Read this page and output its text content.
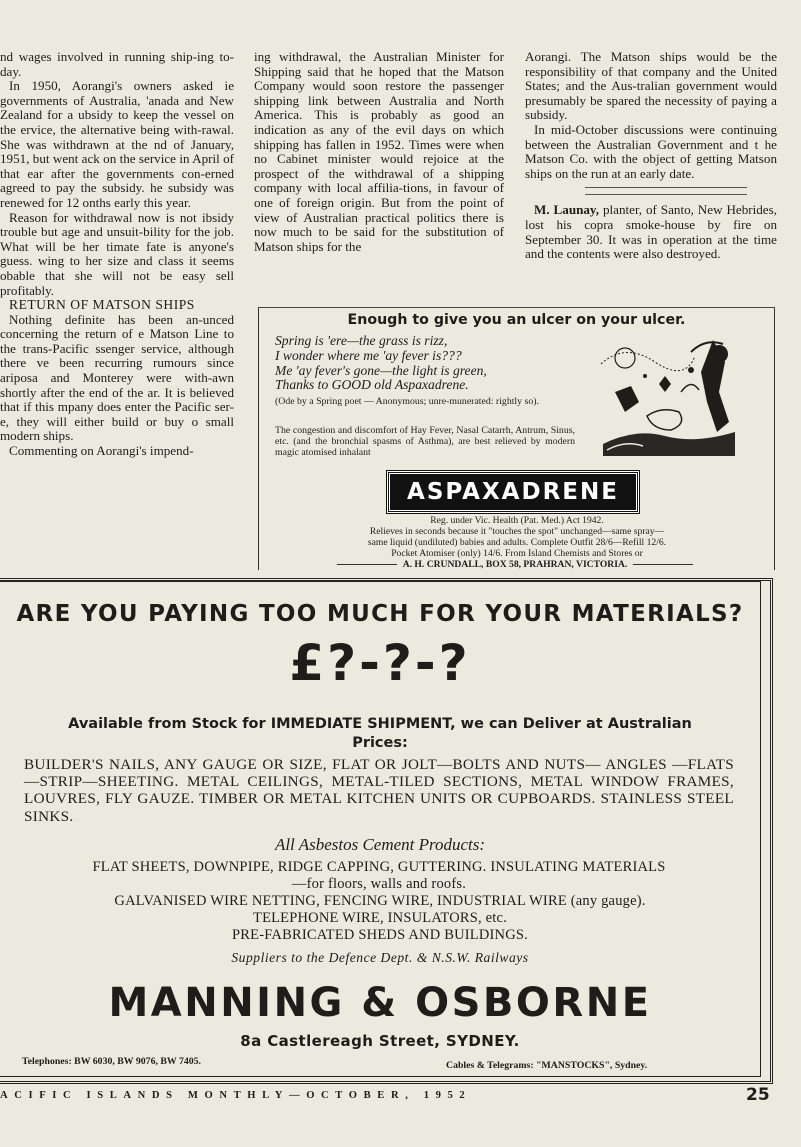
nd wages involved in running ship-ing to-day.

In 1950, Aorangi's owners asked ie governments of Australia, 'anada and New Zealand for a ubsidy to keep the vessel on the ervice, the alternative being with-rawal. She was withdrawn at the nd of January, 1951, but went ack on the service in April of that ear after the governments con-erned agreed to pay the subsidy. he subsidy was renewed for 12 onths early this year.

Reason for withdrawal now is not ibsidy trouble but age and unsuit-bility for the job. What will be her timate fate is anyone's guess. wing to her size and class it seems obable that she will not be easy sell profitably.

RETURN OF MATSON SHIPS

Nothing definite has been an-unced concerning the return of e Matson Line to the trans-Pacific ssenger service, although there ve been recurring rumours since ariposa and Monterey were with-awn shortly after the end of the ar. It is believed that if this mpany does enter the Pacific ser-e, they will either build or buy o small modern ships.

Commenting on Aorangi's impend-

ing withdrawal, the Australian Minister for Shipping said that he hoped that the Matson Company would soon restore the passenger shipping link between Australia and North America. This is probably as good an indication as any of the evil days on which shipping has fallen in 1952. Times were when no Cabinet minister would rejoice at the prospect of the withdrawal of a shipping company with local affilia-tions, in favour of one of foreign origin. But from the point of view of Australian practical politics there is now much to be said for the substitution of Matson ships for the

Aorangi. The Matson ships would be the responsibility of that company and the United States; and the Aus-tralian government would presumably be spared the necessity of paying a subsidy.

In mid-October discussions were continuing between the Australian Government and t he Matson Co. with the object of getting Matson ships on the run at an early date.

M. Launay, planter, of Santo, New Hebrides, lost his copra smoke-house by fire on September 30. It was in operation at the time and the contents were also destroyed.

Enough to give you an ulcer on your ulcer.
Spring is 'ere—the grass is rizz,
I wonder where me 'ay fever is???
Me 'ay fever's gone—the light is green,
Thanks to GOOD old Aspaxadrene.
(Ode by a Spring poet — Anonymous; unre-munerated: rightly so).
The congestion and discomfort of Hay Fever, Nasal Catarrh, Antrum, Sinus, etc. (and the bronchial spasms of Asthma), are best relieved by modern magic atomised inhalant
ASPAXADRENE
Reg. under Vic. Health (Pat. Med.) Act 1942.
Relieves in seconds because it "touches the spot" unchanged—same spray—
same liquid (undiluted) babies and adults. Complete Outfit 28/6—Refill 12/6.
Pocket Atomiser (only) 14/6. From Island Chemists and Stores or
A. H. CRUNDALL, BOX 58, PRAHRAN, VICTORIA.
ARE YOU PAYING TOO MUCH FOR YOUR MATERIALS?
£?-?-?
Available from Stock for IMMEDIATE SHIPMENT, we can Deliver at Australian
Prices:
BUILDER'S NAILS, ANY GAUGE OR SIZE, FLAT OR JOLT—BOLTS AND NUTS— ANGLES —FLATS—STRIP—SHEETING. METAL CEILINGS, METAL-TILED SECTIONS, METAL WINDOW FRAMES, LOUVRES, FLY GAUZE. TIMBER OR METAL KITCHEN UNITS OR CUPBOARDS. STAINLESS STEEL SINKS.
All Asbestos Cement Products:
FLAT SHEETS, DOWNPIPE, RIDGE CAPPING, GUTTERING. INSULATING MATERIALS
—for floors, walls and roofs.
GALVANISED WIRE NETTING, FENCING WIRE, INDUSTRIAL WIRE (any gauge).
TELEPHONE WIRE, INSULATORS, etc.
PRE-FABRICATED SHEDS AND BUILDINGS.
Suppliers to the Defence Dept. & N.S.W. Railways
MANNING & OSBORNE
8a Castlereagh Street, SYDNEY.
Telephones: BW 6030, BW 9076, BW 7405.	Cables & Telegrams: "MANSTOCKS", Sydney.
ACIFIC ISLANDS MONTHLY—OCTOBER, 1952	25
